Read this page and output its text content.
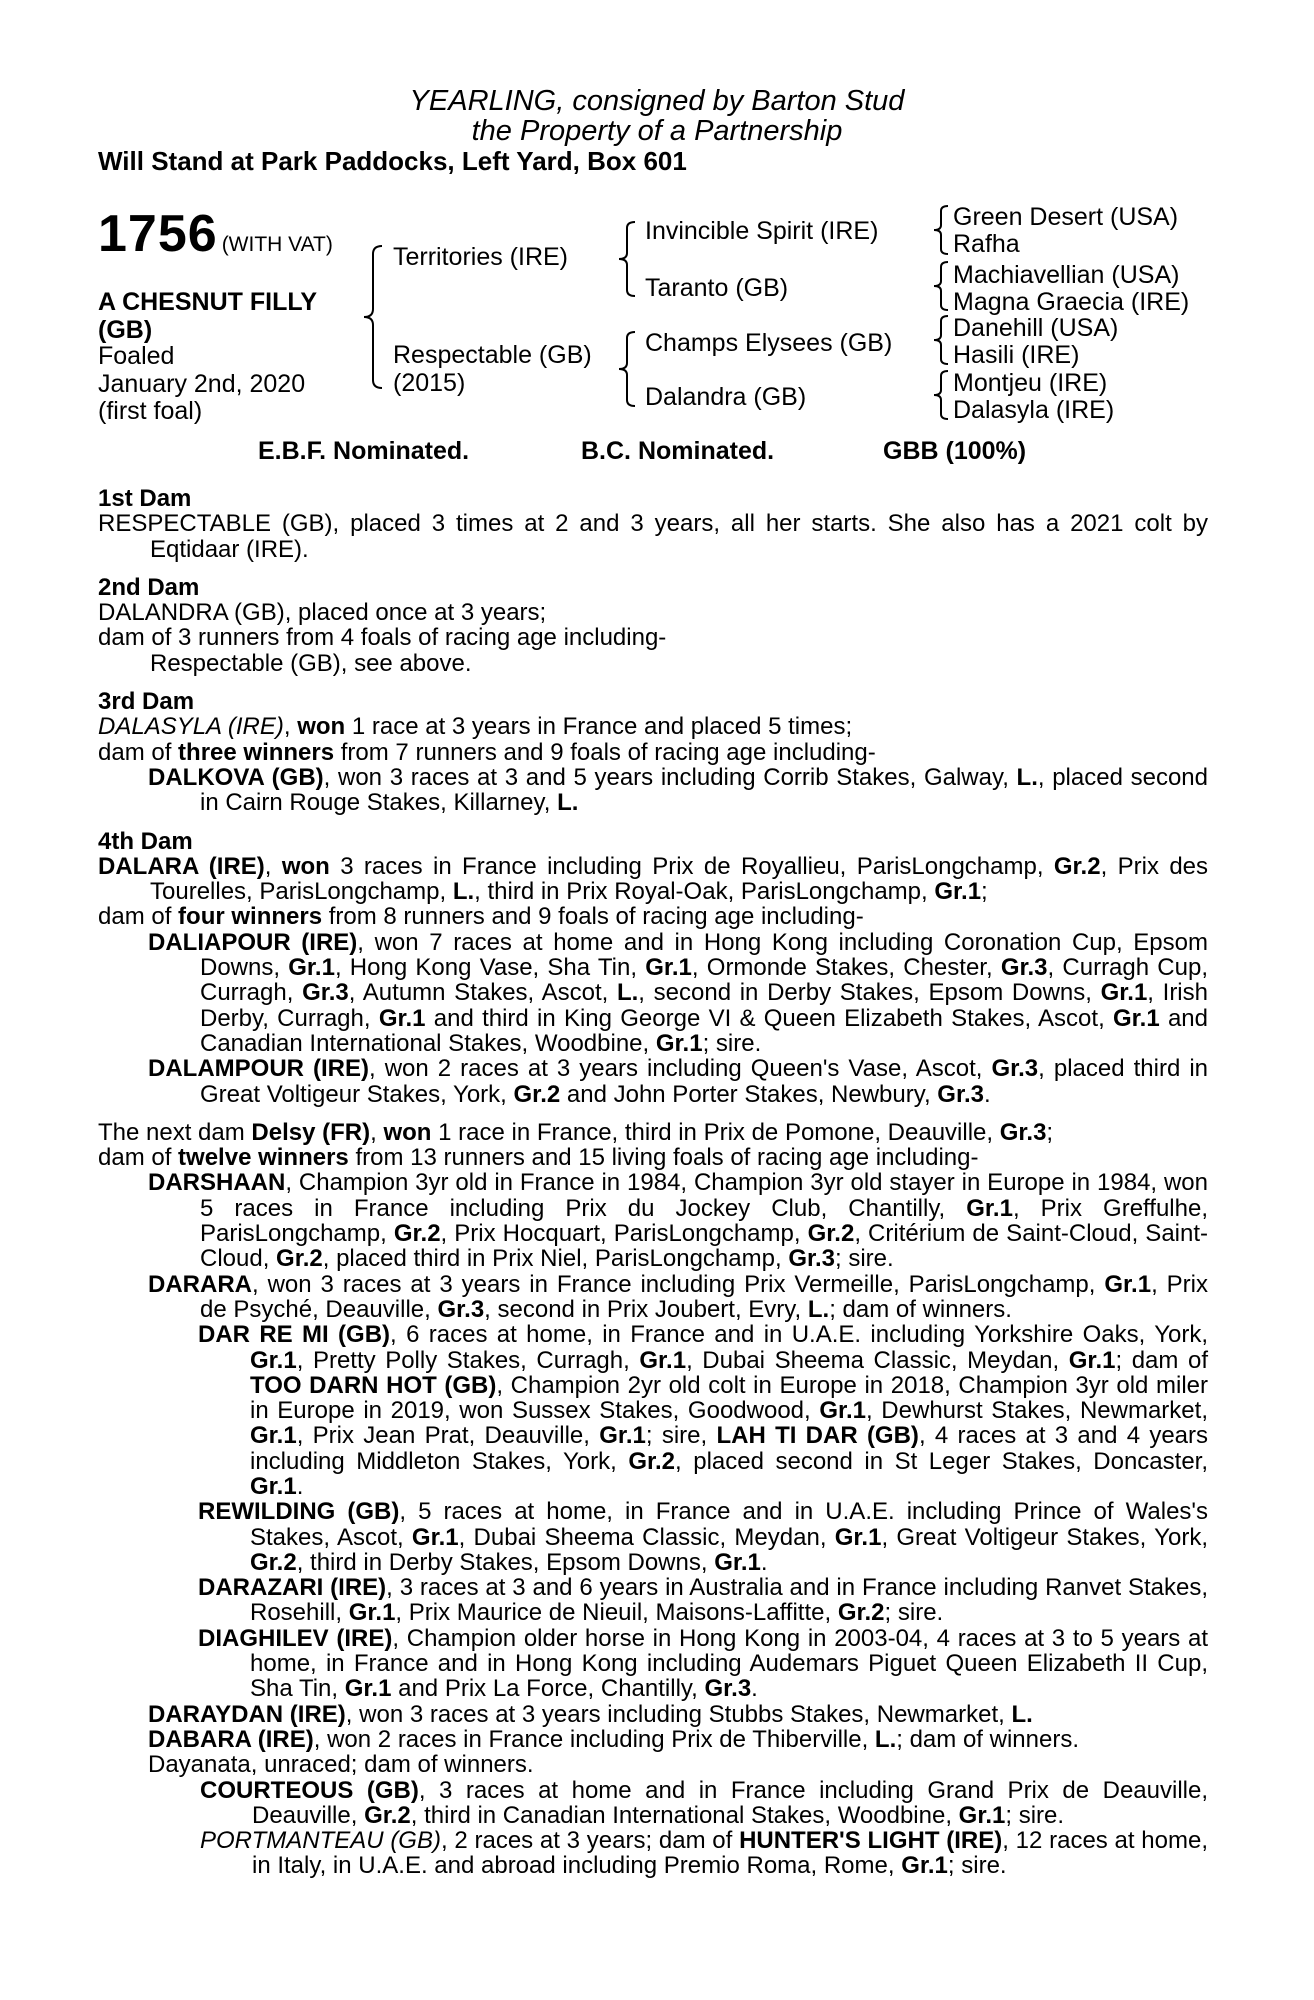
YEARLING, consigned by Barton Stud
the Property of a Partnership
Will Stand at Park Paddocks, Left Yard, Box 601
1756 (WITH VAT)
A CHESNUT FILLY
(GB)
Foaled
January 2nd, 2020
(first foal)
Territories (IRE)
Respectable (GB)
(2015)
Invincible Spirit (IRE)
Taranto (GB)
Champs Elysees (GB)
Dalandra (GB)
Green Desert (USA)
Rafha
Machiavellian (USA)
Magna Graecia (IRE)
Danehill (USA)
Hasili (IRE)
Montjeu (IRE)
Dalasyla (IRE)
E.B.F. Nominated.	B.C. Nominated.	GBB (100%)
1st Dam
RESPECTABLE (GB), placed 3 times at 2 and 3 years, all her starts. She also has a 2021 colt by Eqtidaar (IRE).
2nd Dam
DALANDRA (GB), placed once at 3 years;
dam of 3 runners from 4 foals of racing age including-
Respectable (GB), see above.
3rd Dam
DALASYLA (IRE), won 1 race at 3 years in France and placed 5 times;
dam of three winners from 7 runners and 9 foals of racing age including-
DALKOVA (GB), won 3 races at 3 and 5 years including Corrib Stakes, Galway, L., placed second in Cairn Rouge Stakes, Killarney, L.
4th Dam
DALARA (IRE), won 3 races in France including Prix de Royallieu, ParisLongchamp, Gr.2, Prix des Tourelles, ParisLongchamp, L., third in Prix Royal-Oak, ParisLongchamp, Gr.1;
dam of four winners from 8 runners and 9 foals of racing age including-
DALIAPOUR (IRE), won 7 races at home and in Hong Kong including Coronation Cup, Epsom Downs, Gr.1, Hong Kong Vase, Sha Tin, Gr.1, Ormonde Stakes, Chester, Gr.3, Curragh Cup, Curragh, Gr.3, Autumn Stakes, Ascot, L., second in Derby Stakes, Epsom Downs, Gr.1, Irish Derby, Curragh, Gr.1 and third in King George VI & Queen Elizabeth Stakes, Ascot, Gr.1 and Canadian International Stakes, Woodbine, Gr.1; sire.
DALAMPOUR (IRE), won 2 races at 3 years including Queen's Vase, Ascot, Gr.3, placed third in Great Voltigeur Stakes, York, Gr.2 and John Porter Stakes, Newbury, Gr.3.
The next dam Delsy (FR), won 1 race in France, third in Prix de Pomone, Deauville, Gr.3;
dam of twelve winners from 13 runners and 15 living foals of racing age including-
DARSHAAN, Champion 3yr old in France in 1984, Champion 3yr old stayer in Europe in 1984, won 5 races in France including Prix du Jockey Club, Chantilly, Gr.1, Prix Greffulhe, ParisLongchamp, Gr.2, Prix Hocquart, ParisLongchamp, Gr.2, Critérium de Saint-Cloud, Saint-Cloud, Gr.2, placed third in Prix Niel, ParisLongchamp, Gr.3; sire.
DARARA, won 3 races at 3 years in France including Prix Vermeille, ParisLongchamp, Gr.1, Prix de Psyché, Deauville, Gr.3, second in Prix Joubert, Evry, L.; dam of winners.
DAR RE MI (GB), 6 races at home, in France and in U.A.E. including Yorkshire Oaks, York, Gr.1, Pretty Polly Stakes, Curragh, Gr.1, Dubai Sheema Classic, Meydan, Gr.1; dam of TOO DARN HOT (GB), Champion 2yr old colt in Europe in 2018, Champion 3yr old miler in Europe in 2019, won Sussex Stakes, Goodwood, Gr.1, Dewhurst Stakes, Newmarket, Gr.1, Prix Jean Prat, Deauville, Gr.1; sire, LAH TI DAR (GB), 4 races at 3 and 4 years including Middleton Stakes, York, Gr.2, placed second in St Leger Stakes, Doncaster, Gr.1.
REWILDING (GB), 5 races at home, in France and in U.A.E. including Prince of Wales's Stakes, Ascot, Gr.1, Dubai Sheema Classic, Meydan, Gr.1, Great Voltigeur Stakes, York, Gr.2, third in Derby Stakes, Epsom Downs, Gr.1.
DARAZARI (IRE), 3 races at 3 and 6 years in Australia and in France including Ranvet Stakes, Rosehill, Gr.1, Prix Maurice de Nieuil, Maisons-Laffitte, Gr.2; sire.
DIAGHILEV (IRE), Champion older horse in Hong Kong in 2003-04, 4 races at 3 to 5 years at home, in France and in Hong Kong including Audemars Piguet Queen Elizabeth II Cup, Sha Tin, Gr.1 and Prix La Force, Chantilly, Gr.3.
DARAYDAN (IRE), won 3 races at 3 years including Stubbs Stakes, Newmarket, L.
DABARA (IRE), won 2 races in France including Prix de Thiberville, L.; dam of winners.
Dayanata, unraced; dam of winners.
COURTEOUS (GB), 3 races at home and in France including Grand Prix de Deauville, Deauville, Gr.2, third in Canadian International Stakes, Woodbine, Gr.1; sire.
PORTMANTEAU (GB), 2 races at 3 years; dam of HUNTER'S LIGHT (IRE), 12 races at home, in Italy, in U.A.E. and abroad including Premio Roma, Rome, Gr.1; sire.
